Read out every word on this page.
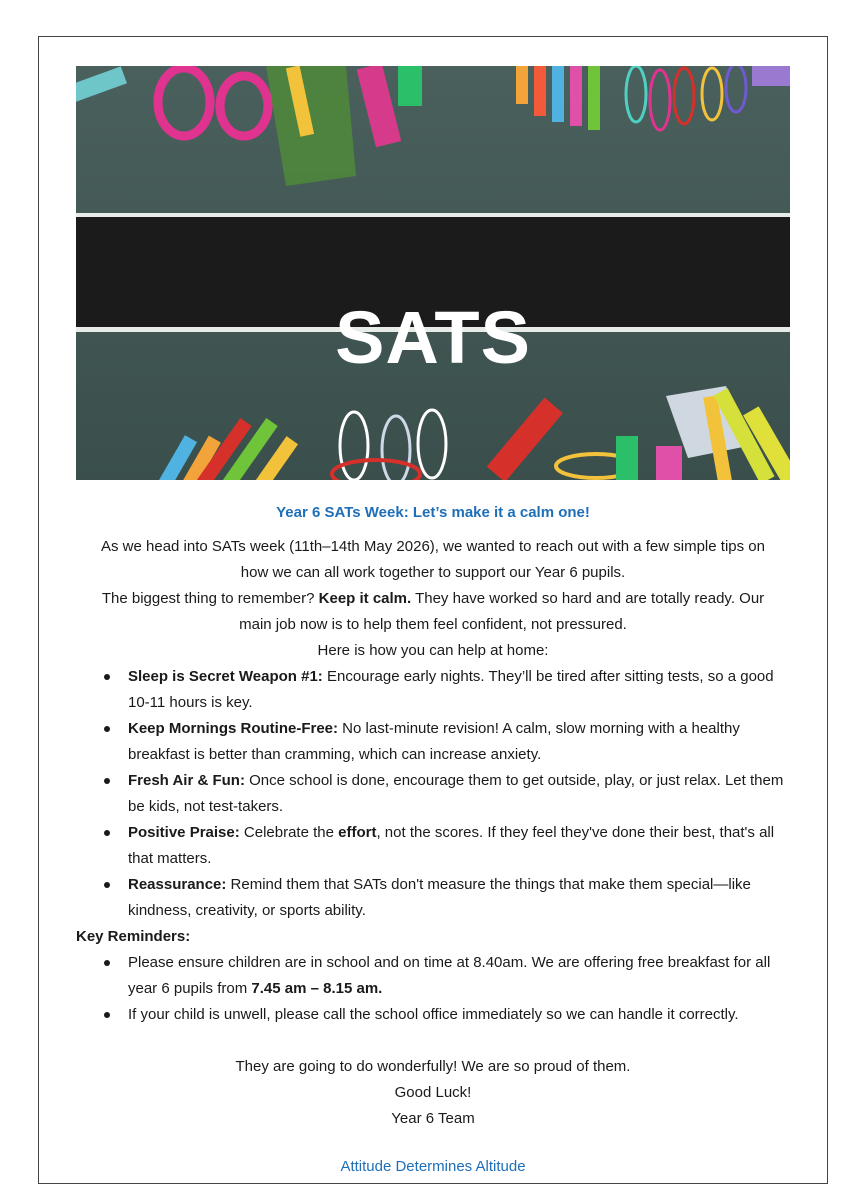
SATS

Year 6 SATs Week: Let’s make it a calm one!

As we head into SATs week (11th–14th May 2026), we wanted to reach out with a few simple tips on
how we can all work together to support our Year 6 pupils.

The biggest thing to remember? Keep it calm. They have worked so hard and are totally ready. Our
main job now is to help them feel confident, not pressured.

Here is how you can help at home:

Sleep is Secret Weapon #1: Encourage early nights. They’ll be tired after sitting tests, so a good 10-11 hours is key.
Keep Mornings Routine-Free: No last-minute revision! A calm, slow morning with a healthy breakfast is better than cramming, which can increase anxiety.
Fresh Air & Fun: Once school is done, encourage them to get outside, play, or just relax. Let them be kids, not test-takers.
Positive Praise: Celebrate the effort, not the scores. If they feel they've done their best, that's all that matters.
Reassurance: Remind them that SATs don't measure the things that make them special—like kindness, creativity, or sports ability.

Key Reminders:

Please ensure children are in school and on time at 8.40am. We are offering free breakfast for all year 6 pupils from 7.45 am – 8.15 am.
If your child is unwell, please call the school office immediately so we can handle it correctly.

They are going to do wonderfully! We are so proud of them.

Good Luck!

Year 6 Team

Attitude Determines Altitude
